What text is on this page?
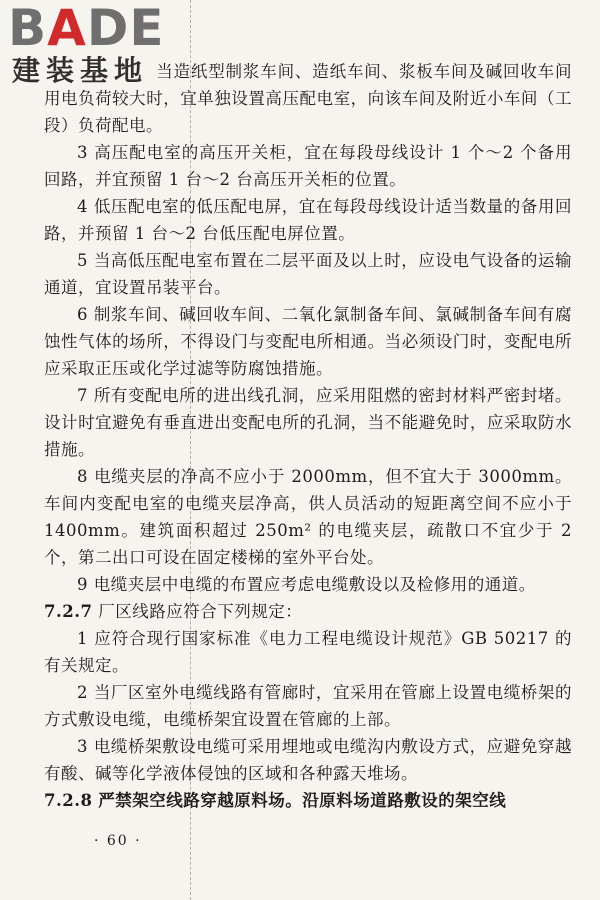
BADE
建装基地 当造纸型制浆车间、造纸车间、浆板车间及碱回收车间用电负荷较大时，宜单独设置高压配电室，向该车间及附近小车间（工段）负荷配电。

3 高压配电室的高压开关柜，宜在每段母线设计 1 个～2 个备用回路，并宜预留 1 台～2 台高压开关柜的位置。

4 低压配电室的低压配电屏，宜在每段母线设计适当数量的备用回路，并预留 1 台～2 台低压配电屏位置。

5 当高低压配电室布置在二层平面及以上时，应设电气设备的运输通道，宜设置吊装平台。

6 制浆车间、碱回收车间、二氧化氯制备车间、氯碱制备车间有腐蚀性气体的场所，不得设门与变配电所相通。当必须设门时，变配电所应采取正压或化学过滤等防腐蚀措施。

7 所有变配电所的进出线孔洞，应采用阻燃的密封材料严密封堵。设计时宜避免有垂直进出变配电所的孔洞，当不能避免时，应采取防水措施。

8 电缆夹层的净高不应小于 2000mm，但不宜大于 3000mm。车间内变配电室的电缆夹层净高，供人员活动的短距离空间不应小于 1400mm。建筑面积超过 250m² 的电缆夹层，疏散口不宜少于 2 个，第二出口可设在固定楼梯的室外平台处。

9 电缆夹层中电缆的布置应考虑电缆敷设以及检修用的通道。

7.2.7 厂区线路应符合下列规定：

1 应符合现行国家标准《电力工程电缆设计规范》GB 50217 的有关规定。

2 当厂区室外电缆线路有管廊时，宜采用在管廊上设置电缆桥架的方式敷设电缆，电缆桥架宜设置在管廊的上部。

3 电缆桥架敷设电缆可采用埋地或电缆沟内敷设方式，应避免穿越有酸、碱等化学液体侵蚀的区域和各种露天堆场。

7.2.8 严禁架空线路穿越原料场。沿原料场道路敷设的架空线

· 60 ·
